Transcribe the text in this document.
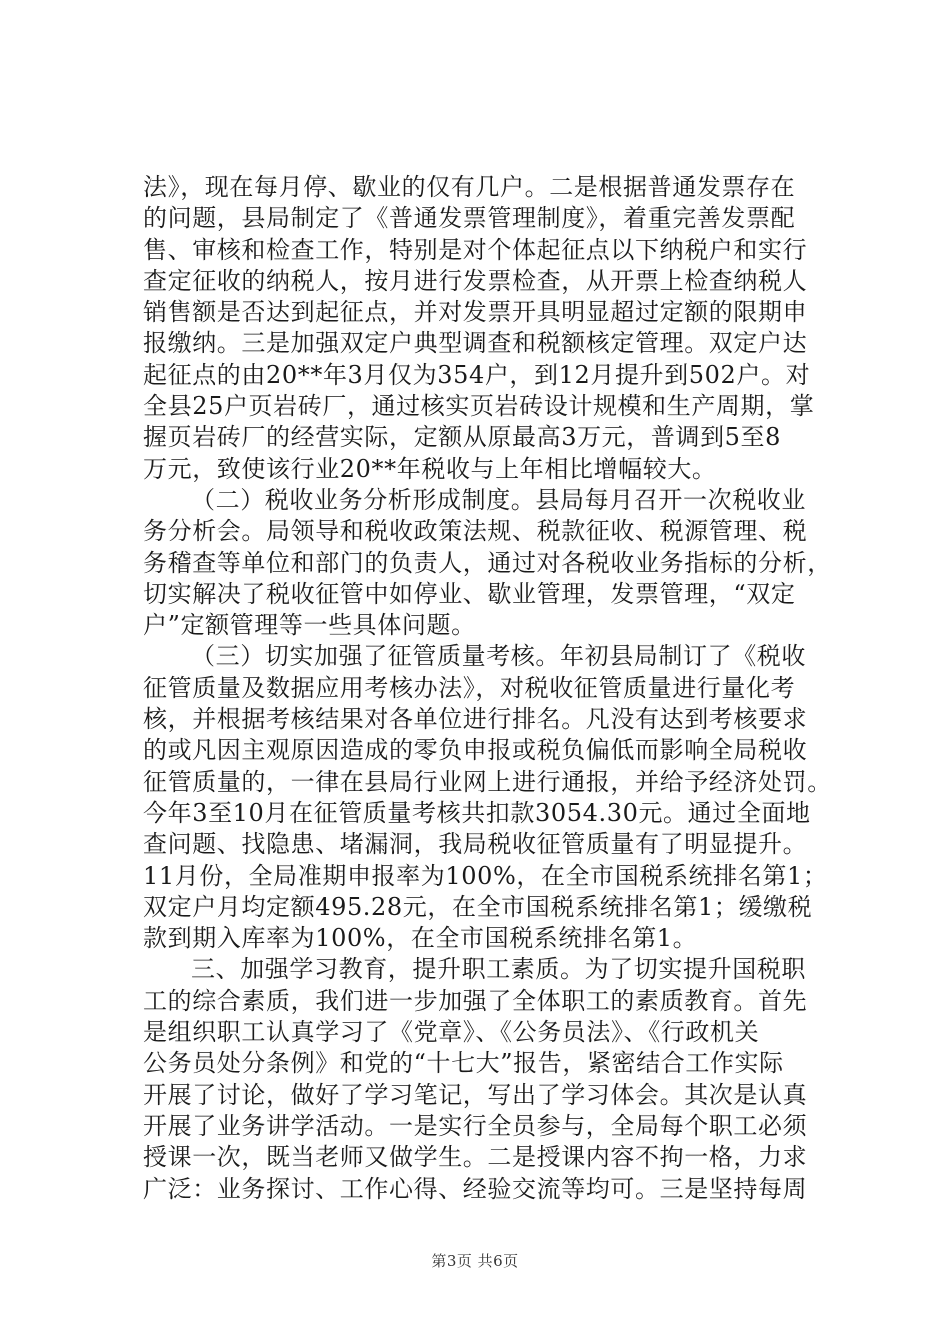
法》，现在每月停、歇业的仅有几户。二是根据普通发票存在
的问题，县局制定了《普通发票管理制度》，着重完善发票配
售、审核和检查工作，特别是对个体起征点以下纳税户和实行
查定征收的纳税人，按月进行发票检查，从开票上检查纳税人
销售额是否达到起征点，并对发票开具明显超过定额的限期申
报缴纳。三是加强双定户典型调查和税额核定管理。双定户达
起征点的由20**年3月仅为354户，到12月提升到502户。对
全县25户页岩砖厂，通过核实页岩砖设计规模和生产周期，掌
握页岩砖厂的经营实际，定额从原最高3万元，普调到5至8
万元，致使该行业20**年税收与上年相比增幅较大。
（二）税收业务分析形成制度。县局每月召开一次税收业
务分析会。局领导和税收政策法规、税款征收、税源管理、税
务稽查等单位和部门的负责人，通过对各税收业务指标的分析，
切实解决了税收征管中如停业、歇业管理，发票管理，“双定
户”定额管理等一些具体问题。
（三）切实加强了征管质量考核。年初县局制订了《税收
征管质量及数据应用考核办法》，对税收征管质量进行量化考
核，并根据考核结果对各单位进行排名。凡没有达到考核要求
的或凡因主观原因造成的零负申报或税负偏低而影响全局税收
征管质量的，一律在县局行业网上进行通报，并给予经济处罚。
今年3至10月在征管质量考核共扣款3054.30元。通过全面地
查问题、找隐患、堵漏洞，我局税收征管质量有了明显提升。
11月份，全局准期申报率为100%，在全市国税系统排名第1；
双定户月均定额495.28元，在全市国税系统排名第1；缓缴税
款到期入库率为100%，在全市国税系统排名第1。
三、加强学习教育，提升职工素质。为了切实提升国税职
工的综合素质，我们进一步加强了全体职工的素质教育。首先
是组织职工认真学习了《党章》、《公务员法》、《行政机关
公务员处分条例》和党的“十七大”报告，紧密结合工作实际
开展了讨论，做好了学习笔记，写出了学习体会。其次是认真
开展了业务讲学活动。一是实行全员参与，全局每个职工必须
授课一次，既当老师又做学生。二是授课内容不拘一格，力求
广泛：业务探讨、工作心得、经验交流等均可。三是坚持每周
第3页 共6页
